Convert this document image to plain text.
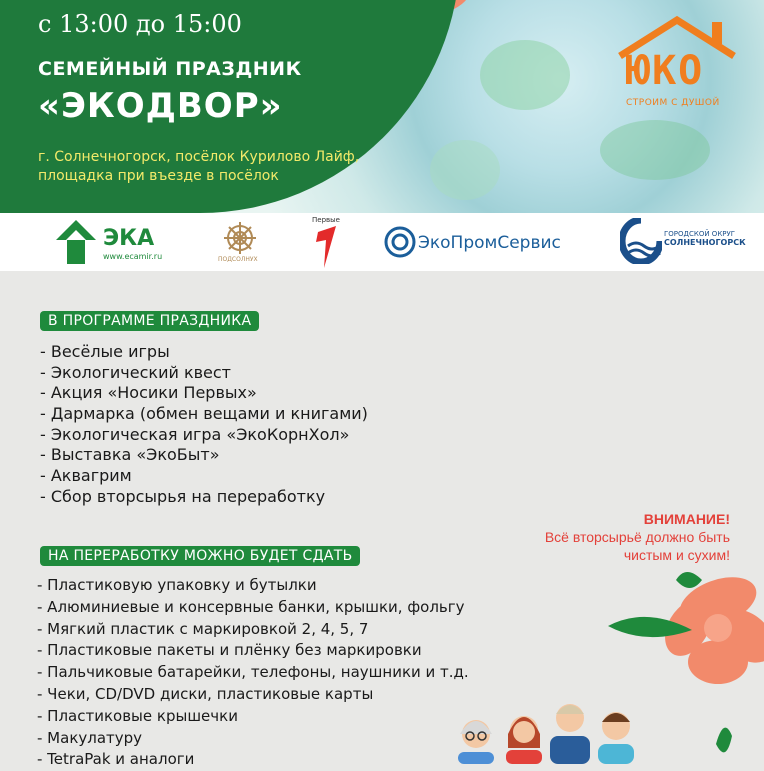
с 13:00 до 15:00
СЕМЕЙНЫЙ ПРАЗДНИК
«ЭКОДВОР»
г. Солнечногорск, посёлок Курилово Лайф,
площадка при въезде в посёлок
ЮКО
СТРОИМ С ДУШОЙ
ЭКА
www.ecamir.ru	ПОДСОЛНУХ
Первые
ЭкоПромСервис	ГОРОДСКОЙ ОКРУГ
СОЛНЕЧНОГОРСК
В ПРОГРАММЕ ПРАЗДНИКА
- Весёлые игры
- Экологический квест
- Акция «Носики Первых»
- Дармарка (обмен вещами и книгами)
- Экологическая игра «ЭкоКорнХол»
- Выставка «ЭкоБыт»
- Аквагрим
- Сбор вторсырья на переработку
ВНИМАНИЕ!
Всё вторсырьё должно быть
чистым и сухим!
НА ПЕРЕРАБОТКУ МОЖНО БУДЕТ СДАТЬ
- Пластиковую упаковку и бутылки
- Алюминиевые и консервные банки, крышки, фольгу
- Мягкий пластик с маркировкой 2, 4, 5, 7
- Пластиковые пакеты и плёнку без маркировки
- Пальчиковые батарейки, телефоны, наушники и т.д.
- Чеки, CD/DVD диски, пластиковые карты
- Пластиковые крышечки
- Макулатуру
- TetraPak и аналоги
